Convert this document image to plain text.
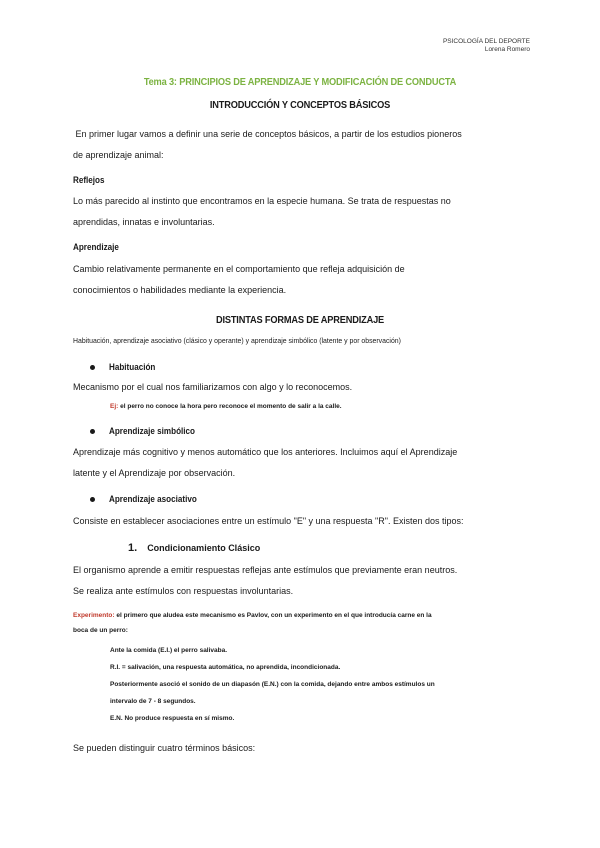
PSICOLOGÍA DEL DEPORTE
Lorena Romero
Tema 3: PRINCIPIOS DE APRENDIZAJE Y MODIFICACIÓN DE CONDUCTA
INTRODUCCIÓN Y CONCEPTOS BÁSICOS
En primer lugar vamos a definir una serie de conceptos básicos, a partir de los estudios pioneros
de aprendizaje animal:
Reflejos
Lo más parecido al instinto que encontramos en la especie humana. Se trata de respuestas no
aprendidas, innatas e involuntarias.
Aprendizaje
Cambio relativamente permanente en el comportamiento que refleja adquisición de
conocimientos o habilidades mediante la experiencia.
DISTINTAS FORMAS DE APRENDIZAJE
Habituación, aprendizaje asociativo (clásico y operante) y aprendizaje simbólico (latente y por observación)
Habituación
Mecanismo por el cual nos familiarizamos con algo y lo reconocemos.
Ej: el perro no conoce la hora pero reconoce el momento de salir a la calle.
Aprendizaje simbólico
Aprendizaje más cognitivo y menos automático que los anteriores. Incluimos aquí el Aprendizaje
latente y el Aprendizaje por observación.
Aprendizaje asociativo
Consiste en establecer asociaciones entre un estímulo "E" y una respuesta "R". Existen dos tipos:
1. Condicionamiento Clásico
El organismo aprende a emitir respuestas reflejas ante estímulos que previamente eran neutros.
Se realiza ante estímulos con respuestas involuntarias.
Experimento: el primero que aludea este mecanismo es Pavlov, con un experimento en el que introducía carne en la
boca de un perro:
Ante la comida (E.I.) el perro salivaba.
R.I. = salivación, una respuesta automática, no aprendida, incondicionada.
Posteriormente asoció el sonido de un diapasón (E.N.) con la comida, dejando entre ambos estímulos un
intervalo de 7 - 8 segundos.
E.N. No produce respuesta en sí mismo.
Se pueden distinguir cuatro términos básicos:
